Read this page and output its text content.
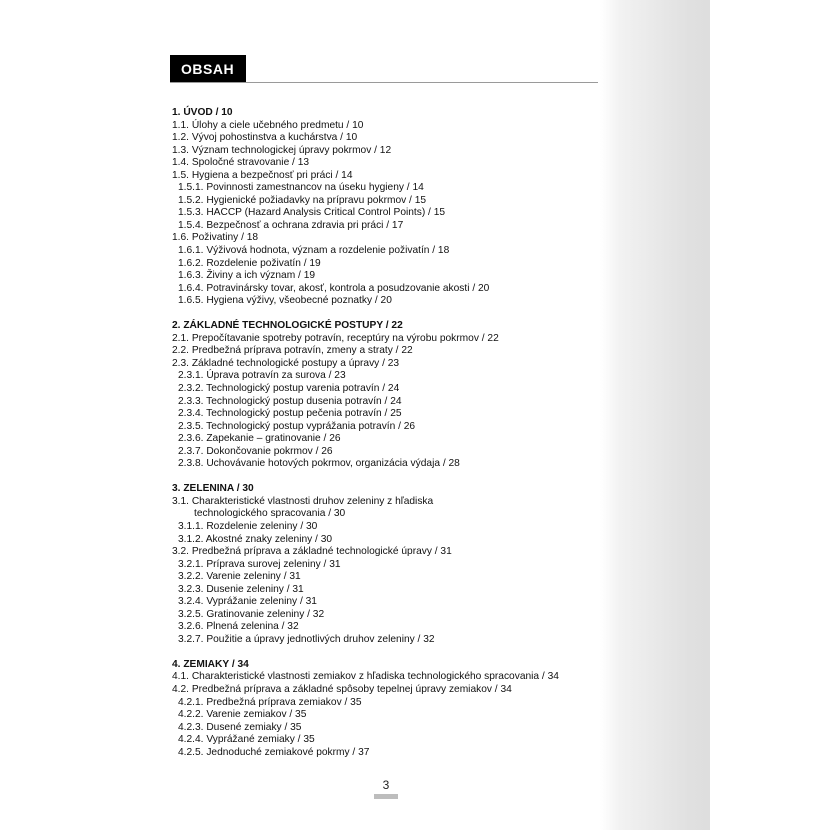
OBSAH
1. ÚVOD / 10
1.1. Úlohy a ciele učebného predmetu / 10
1.2. Vývoj pohostinstva a kuchárstva / 10
1.3. Význam technologickej úpravy pokrmov / 12
1.4. Spoločné stravovanie / 13
1.5. Hygiena a bezpečnosť pri práci / 14
1.5.1. Povinnosti zamestnancov na úseku hygieny / 14
1.5.2. Hygienické požiadavky na prípravu pokrmov / 15
1.5.3. HACCP (Hazard Analysis Critical Control Points) / 15
1.5.4. Bezpečnosť a ochrana zdravia pri práci / 17
1.6. Poživatiny / 18
1.6.1. Výživová hodnota, význam a rozdelenie poživatín / 18
1.6.2. Rozdelenie poživatín / 19
1.6.3. Živiny a ich význam / 19
1.6.4. Potravinársky tovar, akosť, kontrola a posudzovanie akosti / 20
1.6.5. Hygiena výživy, všeobecné poznatky / 20
2. ZÁKLADNÉ TECHNOLOGICKÉ POSTUPY / 22
2.1. Prepočítavanie spotreby potravín, receptúry na výrobu pokrmov / 22
2.2. Predbežná príprava potravín, zmeny a straty / 22
2.3. Základné technologické postupy a úpravy / 23
2.3.1. Úprava potravín za surova / 23
2.3.2. Technologický postup varenia potravín / 24
2.3.3. Technologický postup dusenia potravín / 24
2.3.4. Technologický postup pečenia potravín / 25
2.3.5. Technologický postup vyprážania potravín / 26
2.3.6. Zapekanie – gratinovanie / 26
2.3.7. Dokončovanie pokrmov / 26
2.3.8. Uchovávanie hotových pokrmov, organizácia výdaja / 28
3. ZELENINA / 30
3.1. Charakteristické vlastnosti druhov zeleniny z hľadiska
technologického spracovania / 30
3.1.1. Rozdelenie zeleniny / 30
3.1.2. Akostné znaky zeleniny / 30
3.2. Predbežná príprava a základné technologické úpravy / 31
3.2.1. Príprava surovej zeleniny / 31
3.2.2. Varenie zeleniny / 31
3.2.3. Dusenie zeleniny / 31
3.2.4. Vyprážanie zeleniny / 31
3.2.5. Gratinovanie zeleniny / 32
3.2.6. Plnená zelenina / 32
3.2.7. Použitie a úpravy jednotlivých druhov zeleniny / 32
4. ZEMIAKY / 34
4.1. Charakteristické vlastnosti zemiakov z hľadiska technologického spracovania / 34
4.2. Predbežná príprava a základné spôsoby tepelnej úpravy zemiakov / 34
4.2.1. Predbežná príprava zemiakov / 35
4.2.2. Varenie zemiakov / 35
4.2.3. Dusené zemiaky / 35
4.2.4. Vyprážané zemiaky / 35
4.2.5. Jednoduché zemiakové pokrmy / 37
3
